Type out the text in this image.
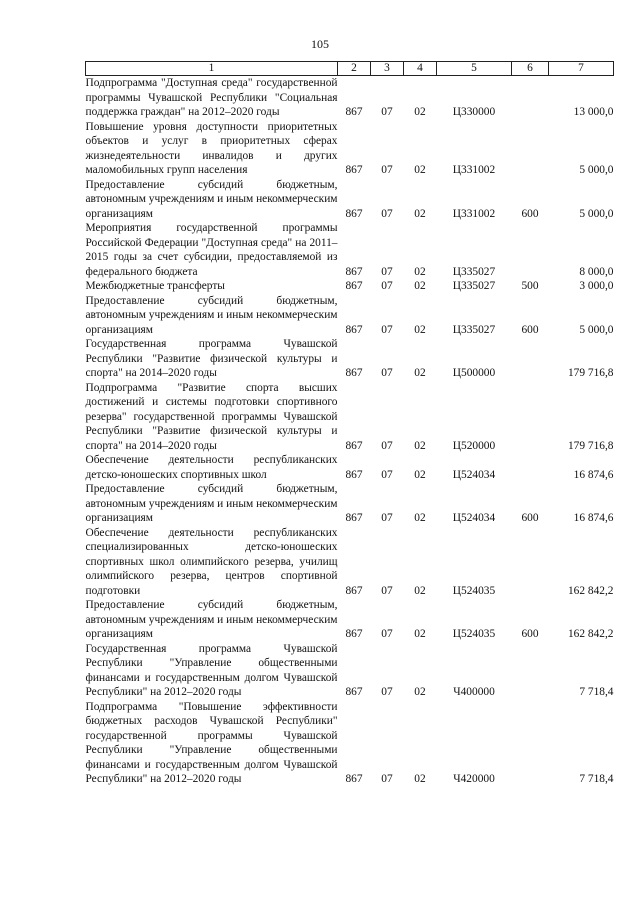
105
1	2	3	4	5	6	7
Подпрограмма "Доступная среда" государственной программы Чувашской Республики "Социальная поддержка граждан" на 2012–2020 годы	867	07	02	Ц330000		13 000,0
Повышение уровня доступности приоритетных объектов и услуг в приоритетных сферах жизнедеятельности инвалидов и других маломобильных групп населения	867	07	02	Ц331002		5 000,0
Предоставление субсидий бюджетным, автономным учреждениям и иным некоммерческим организациям	867	07	02	Ц331002	600	5 000,0
Мероприятия государственной программы Российской Федерации "Доступная среда" на 2011–2015 годы за счет субсидии, предоставляемой из федерального бюджета	867	07	02	Ц335027		8 000,0
Межбюджетные трансферты	867	07	02	Ц335027	500	3 000,0
Предоставление субсидий бюджетным, автономным учреждениям и иным некоммерческим организациям	867	07	02	Ц335027	600	5 000,0
Государственная программа Чувашской Республики "Развитие физической культуры и спорта" на 2014–2020 годы	867	07	02	Ц500000		179 716,8
Подпрограмма "Развитие спорта высших достижений и системы подготовки спортивного резерва" государственной программы Чувашской Республики "Развитие физической культуры и спорта" на 2014–2020 годы	867	07	02	Ц520000		179 716,8
Обеспечение деятельности республиканских детско-юношеских спортивных школ	867	07	02	Ц524034		16 874,6
Предоставление субсидий бюджетным, автономным учреждениям и иным некоммерческим организациям	867	07	02	Ц524034	600	16 874,6
Обеспечение деятельности республиканских специализированных детско-юношеских спортивных школ олимпийского резерва, училищ олимпийского резерва, центров спортивной подготовки	867	07	02	Ц524035		162 842,2
Предоставление субсидий бюджетным, автономным учреждениям и иным некоммерческим организациям	867	07	02	Ц524035	600	162 842,2
Государственная программа Чувашской Республики "Управление общественными финансами и государственным долгом Чувашской Республики" на 2012–2020 годы	867	07	02	Ч400000		7 718,4
Подпрограмма "Повышение эффективности бюджетных расходов Чувашской Республики" государственной программы Чувашской Республики "Управление общественными финансами и государственным долгом Чувашской Республики" на 2012–2020 годы	867	07	02	Ч420000		7 718,4
